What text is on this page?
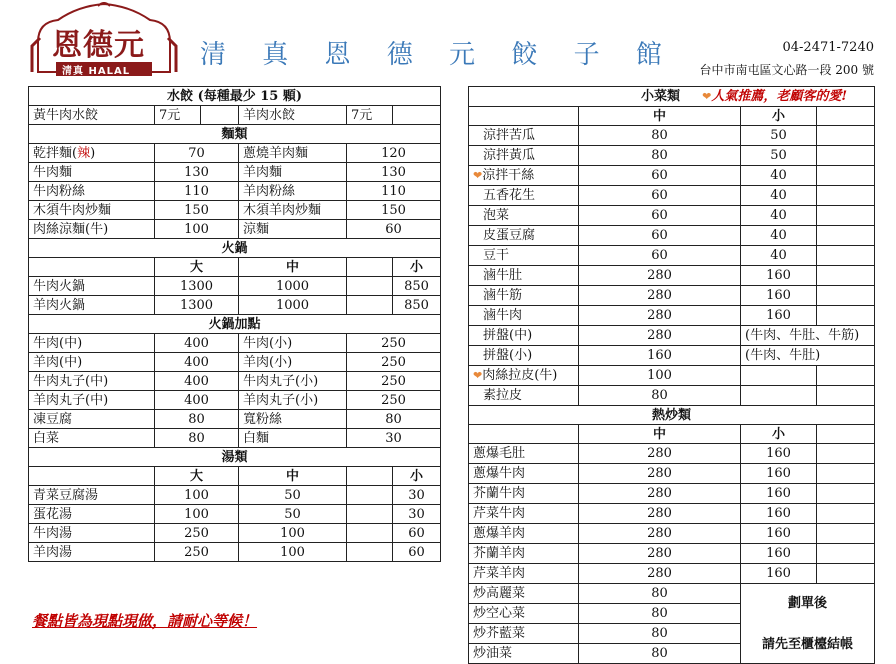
恩德元
清真 HALAL
清 真 恩 德 元 餃 子 館	04-2471-7240
台中市南屯區文心路一段 200 號
水餃 (每種最少 15 顆)					
黃牛肉水餃	7元		羊肉水餃	7元	
麵類					
乾拌麵(辣)	70		蔥燒羊肉麵	120	
牛肉麵	130		羊肉麵	130	
牛肉粉絲	110		羊肉粉絲	110	
木須牛肉炒麵	150		木須羊肉炒麵	150	
肉絲涼麵(牛)	100		涼麵	60	
火鍋					
	大		中		小
牛肉火鍋	1300		1000		850
羊肉火鍋	1300		1000		850
火鍋加點					
牛肉(中)	400		牛肉(小)	250	
羊肉(中)	400		羊肉(小)	250	
牛肉丸子(中)	400		牛肉丸子(小)	250	
羊肉丸子(中)	400		羊肉丸子(小)	250	
凍豆腐	80		寬粉絲	80	
白菜	80		白麵	30	
湯類					
	大		中		小
青菜豆腐湯	100		50		30
蛋花湯	100		50		30
牛肉湯	250		100		60
羊肉湯	250		100		60
小菜類 ❤人氣推薦，老顧客的愛!			
	中	小	
涼拌苦瓜	80	50	
涼拌黃瓜	80	50	
❤涼拌干絲	60	40	
五香花生	60	40	
泡菜	60	40	
皮蛋豆腐	60	40	
豆干	60	40	
滷牛肚	280	160	
滷牛筋	280	160	
滷牛肉	280	160	
拼盤(中)	280	(牛肉、牛肚、牛筋)	
拼盤(小)	160	(牛肉、牛肚)	
❤肉絲拉皮(牛)	100		
素拉皮	80		
熱炒類			
	中	小	
蔥爆毛肚	280	160	
蔥爆牛肉	280	160	
芥蘭牛肉	280	160	
芹菜牛肉	280	160	
蔥爆羊肉	280	160	
芥蘭羊肉	280	160	
芹菜羊肉	280	160	
炒高麗菜	80	劃單後
請先至櫃檯結帳	

炒空心菜	80		
炒芥藍菜	80		
炒油菜	80		
餐點皆為現點現做，請耐心等候！
